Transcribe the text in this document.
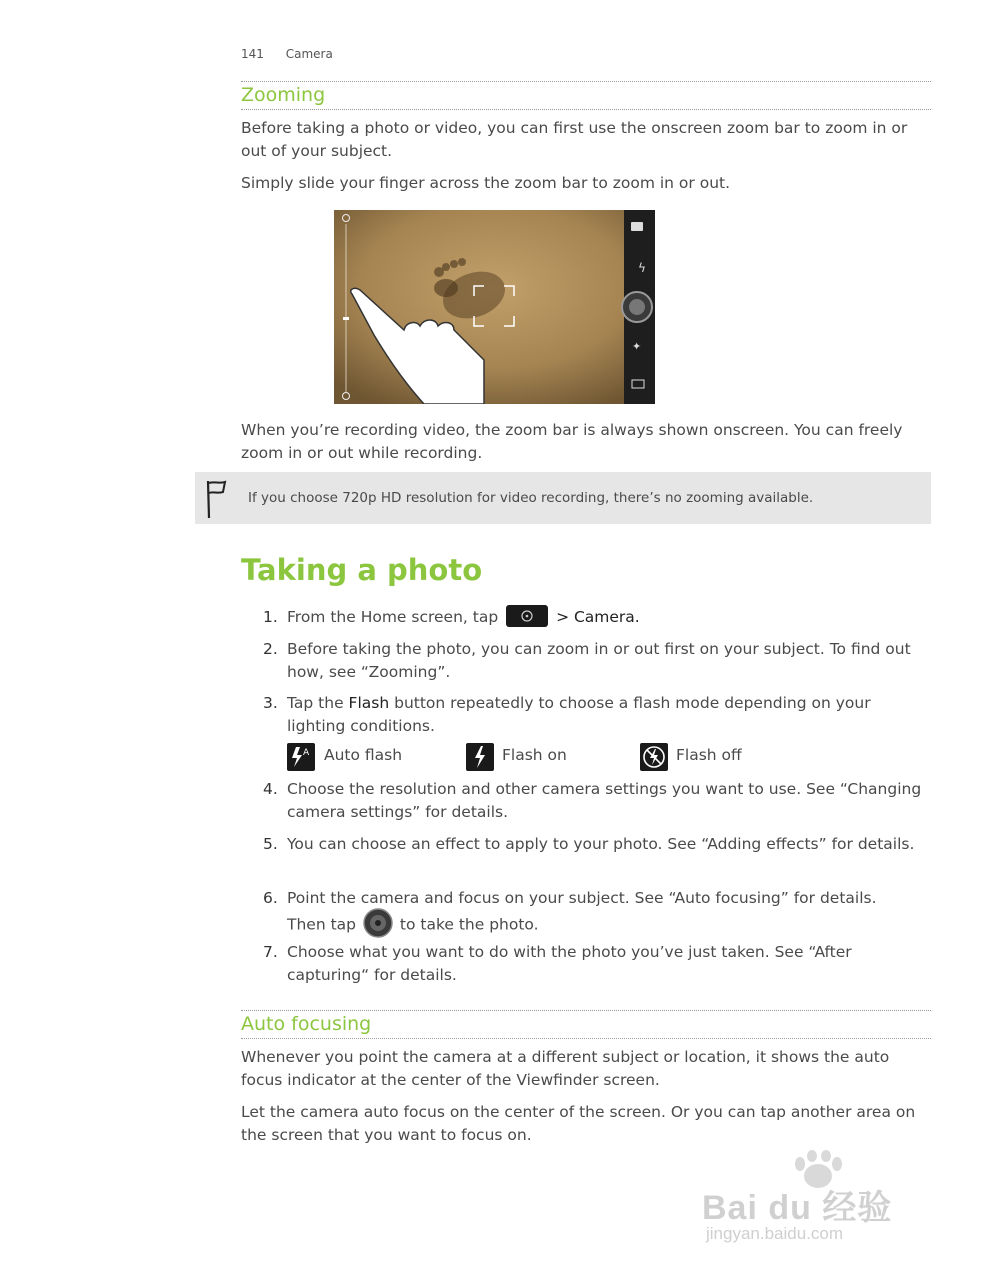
141 Camera
Zooming
Before taking a photo or video, you can first use the onscreen zoom bar to zoom in or out of your subject.
Simply slide your finger across the zoom bar to zoom in or out.
ϟ
✦
When you’re recording video, the zoom bar is always shown onscreen. You can freely zoom in or out while recording.
If you choose 720p HD resolution for video recording, there’s no zooming available.
Taking a photo
1. From the Home screen, tap	> Camera.
2. Before taking the photo, you can zoom in or out first on your subject. To find out how, see “Zooming”.
3. Tap the Flash button repeatedly to choose a flash mode depending on your lighting conditions.
A Auto flash	Flash on	Flash off
4. Choose the resolution and other camera settings you want to use. See “Changing camera settings” for details.
5. You can choose an effect to apply to your photo. See “Adding effects” for details.
6. Point the camera and focus on your subject. See “Auto focusing” for details.
Then tap	to take the photo.
7. Choose what you want to do with the photo you’ve just taken. See “After capturing“ for details.
Auto focusing
Whenever you point the camera at a different subject or location, it shows the auto focus indicator at the center of the Viewfinder screen.
Let the camera auto focus on the center of the screen. Or you can tap another area on the screen that you want to focus on.
Bai du 经验
jingyan.baidu.com
